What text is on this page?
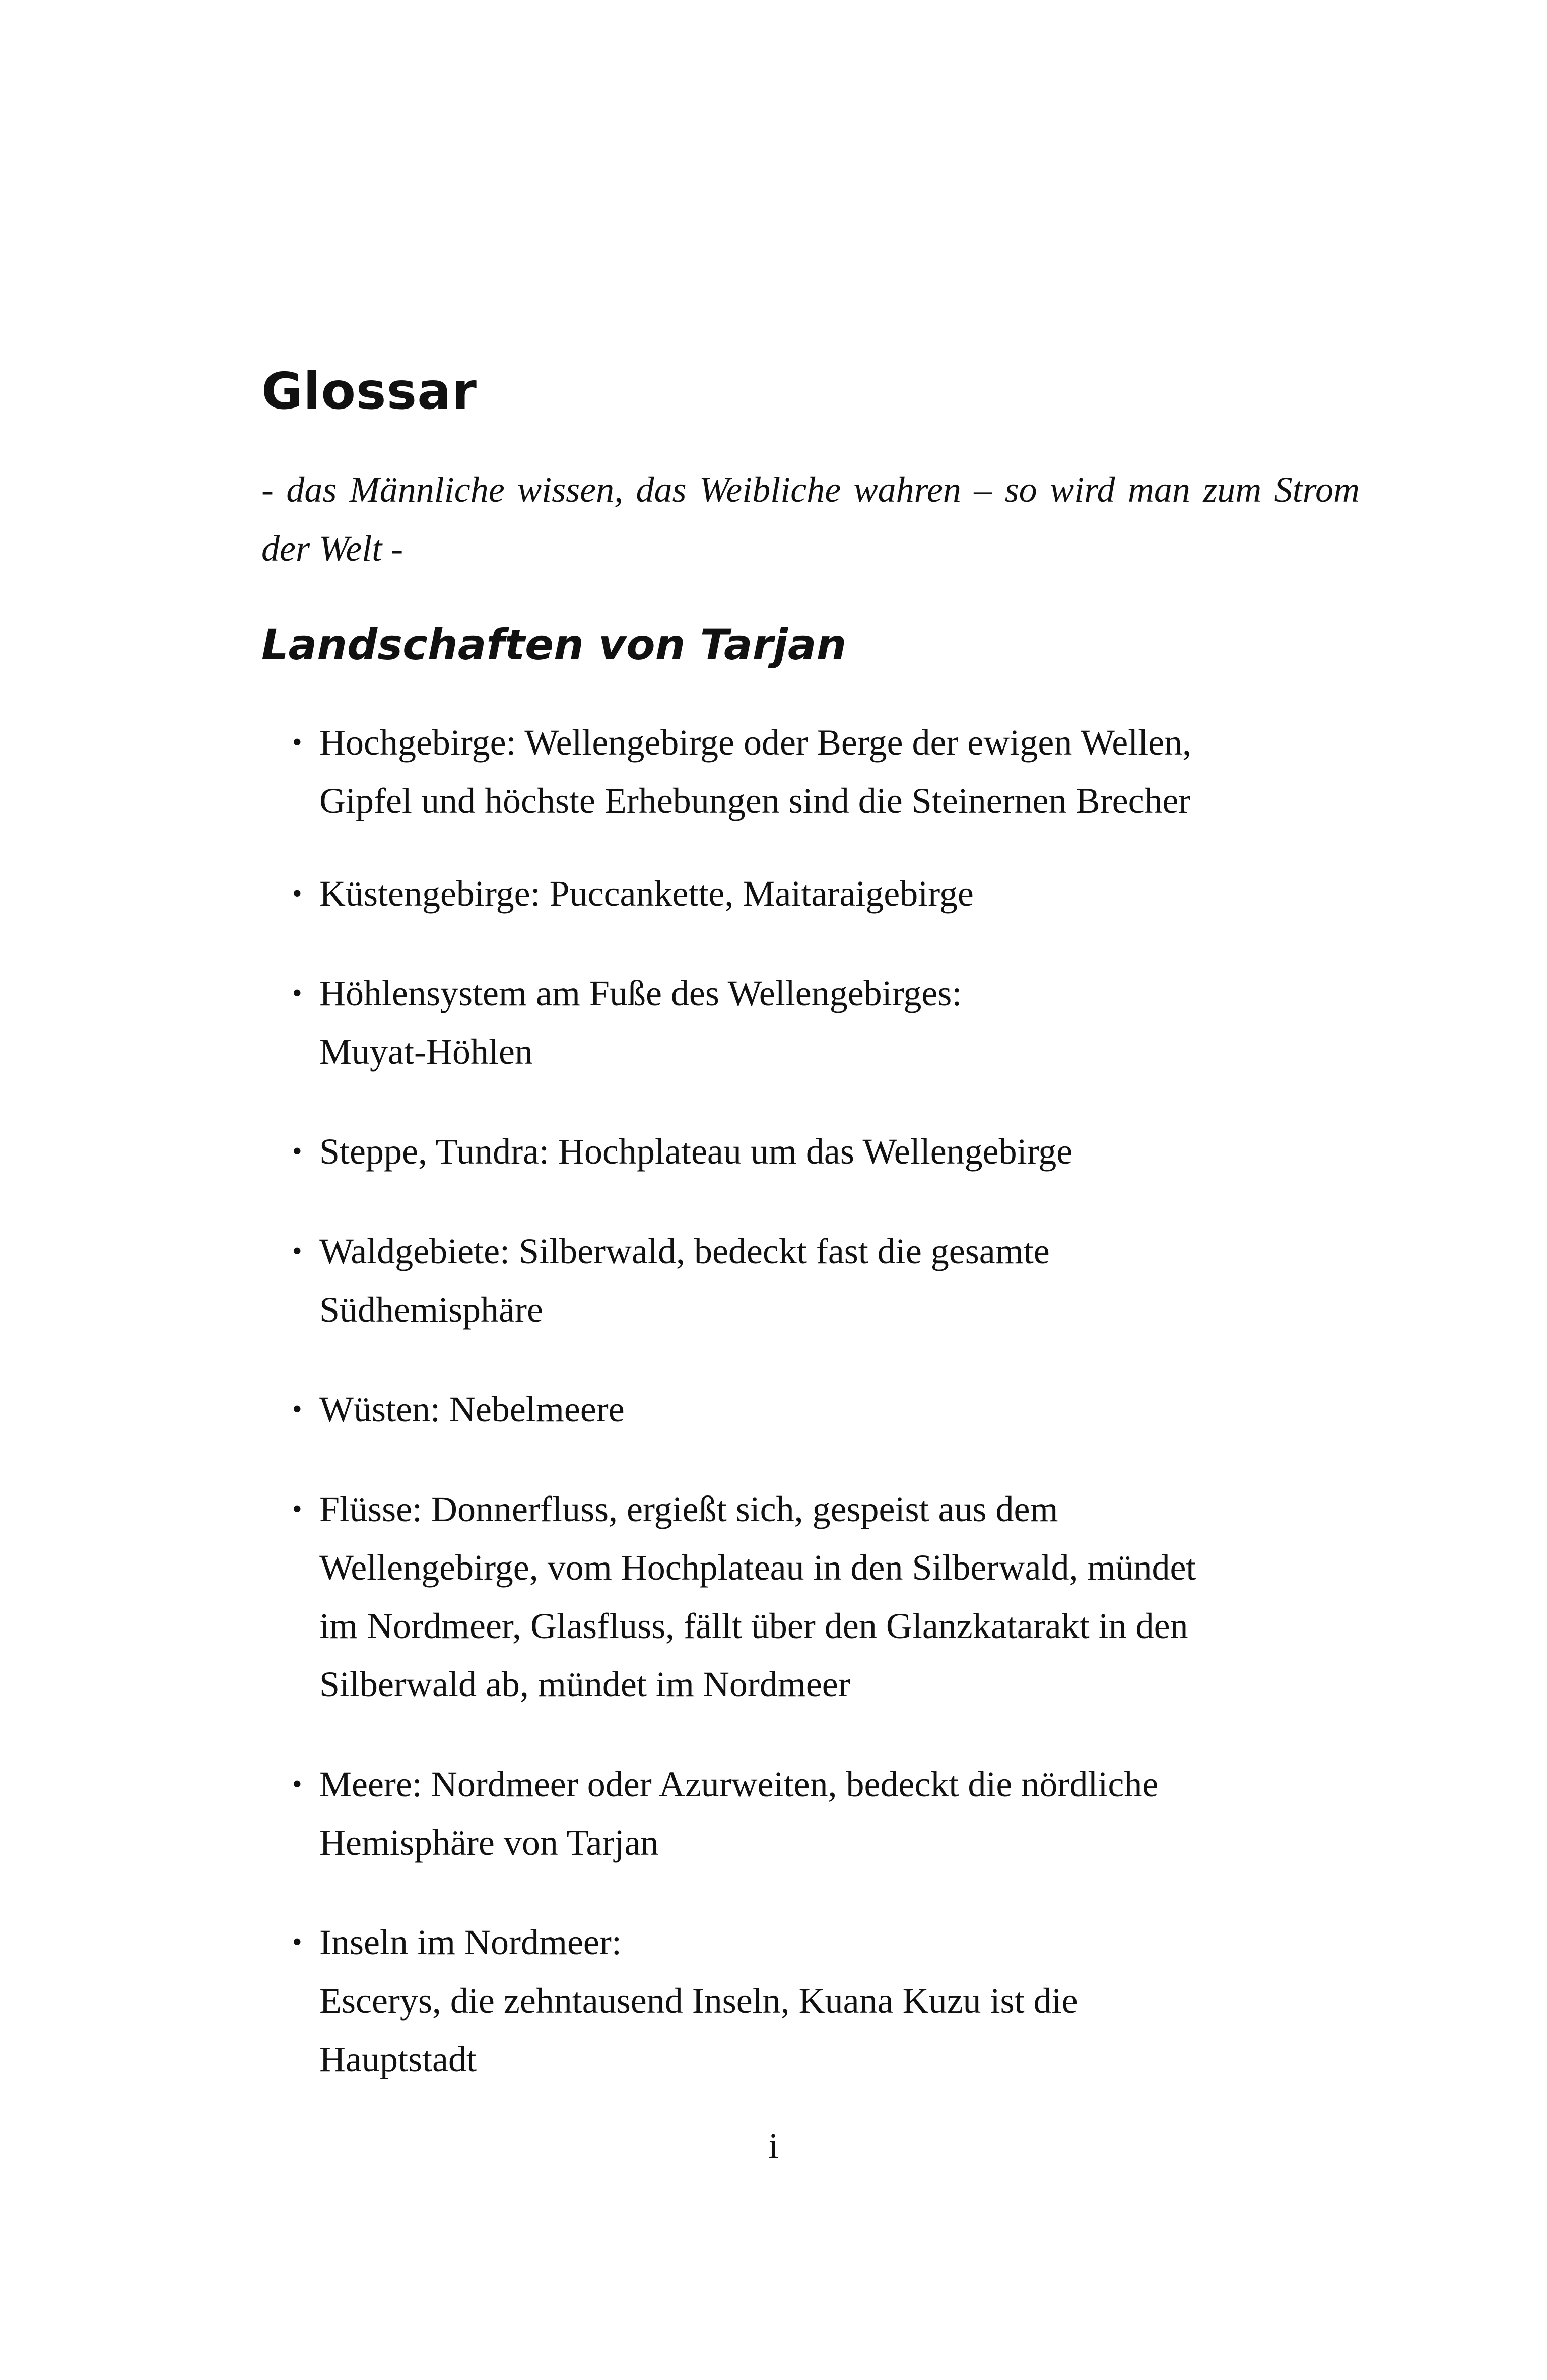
Glossar

- das Männliche wissen, das Weibliche wahren – so wird man zum Strom der Welt -

Landschaften von Tarjan
• Hochgebirge: Wellengebirge oder Berge der ewigen Wellen,
Gipfel und höchste Erhebungen sind die Steinernen Brecher
• Küstengebirge: Puccankette, Maitaraigebirge
• Höhlensystem am Fuße des Wellengebirges:
Muyat-Höhlen
• Steppe, Tundra: Hochplateau um das Wellengebirge
• Waldgebiete: Silberwald, bedeckt fast die gesamte
Südhemisphäre
• Wüsten: Nebelmeere
• Flüsse: Donnerfluss, ergießt sich, gespeist aus dem
Wellengebirge, vom Hochplateau in den Silberwald, mündet
im Nordmeer, Glasfluss, fällt über den Glanzkatarakt in den
Silberwald ab, mündet im Nordmeer
• Meere: Nordmeer oder Azurweiten, bedeckt die nördliche
Hemisphäre von Tarjan
• Inseln im Nordmeer:
Escerys, die zehntausend Inseln, Kuana Kuzu ist die
Hauptstadt
i
